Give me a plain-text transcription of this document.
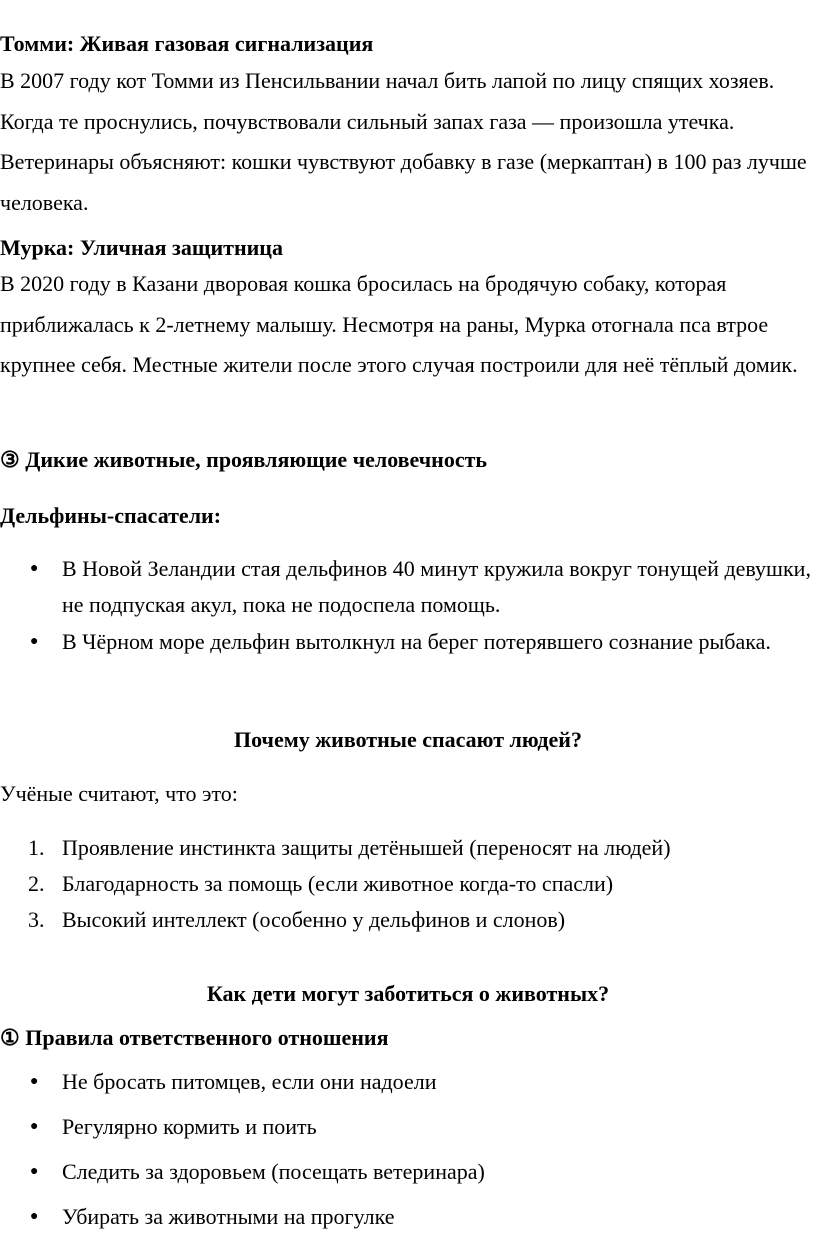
Томми: Живая газовая сигнализация

В 2007 году кот Томми из Пенсильвании начал бить лапой по лицу спящих хозяев. Когда те проснулись, почувствовали сильный запах газа — произошла утечка. Ветеринары объясняют: кошки чувствуют добавку в газе (меркаптан) в 100 раз лучше человека.

Мурка: Уличная защитница

В 2020 году в Казани дворовая кошка бросилась на бродячую собаку, которая приближалась к 2-летнему малышу. Несмотря на раны, Мурка отогнала пса втрое крупнее себя. Местные жители после этого случая построили для неё тёплый домик.

③ Дикие животные, проявляющие человечность
Дельфины-спасатели:
●	В Новой Зеландии стая дельфинов 40 минут кружила вокруг тонущей девушки, не подпуская акул, пока не подоспела помощь.
●	В Чёрном море дельфин вытолкнул на берег потерявшего сознание рыбака.
Почему животные спасают людей?
Учёные считают, что это:
1. Проявление инстинкта защиты детёнышей (переносят на людей)
2. Благодарность за помощь (если животное когда-то спасли)
3. Высокий интеллект (особенно у дельфинов и слонов)
Как дети могут заботиться о животных?
① Правила ответственного отношения
●	Не бросать питомцев, если они надоели
●	Регулярно кормить и поить
●	Следить за здоровьем (посещать ветеринара)
●	Убирать за животными на прогулке
